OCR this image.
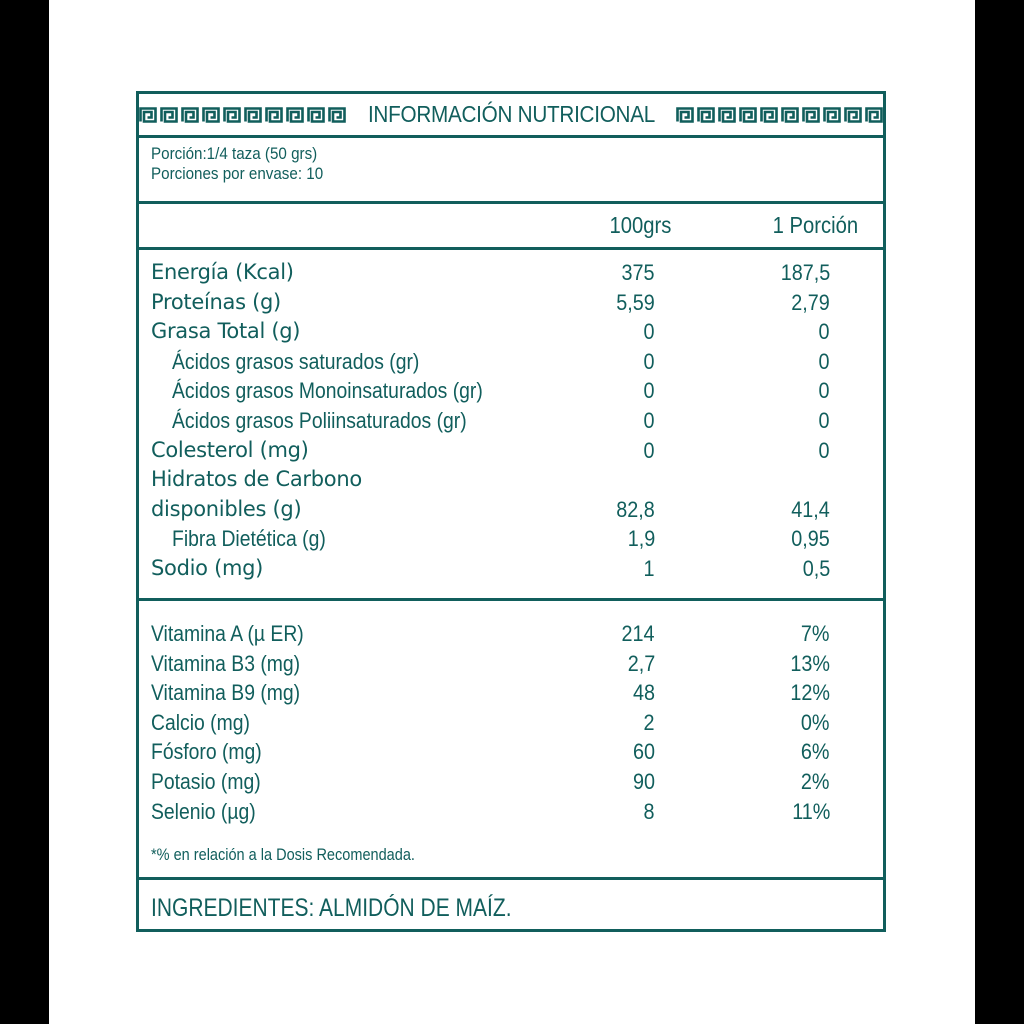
INFORMACIÓN NUTRICIONAL
Porción:1/4 taza (50 grs)
Porciones por envase: 10
100grs	1 Porción
Energía (Kcal)	375	187,5
Proteínas (g)	5,59	2,79
Grasa Total (g)	0	0
Ácidos grasos saturados (gr)	0	0
Ácidos grasos Monoinsaturados (gr)	0	0
Ácidos grasos Poliinsaturados (gr)	0	0
Colesterol (mg)	0	0
Hidratos de Carbono
disponibles (g)	82,8	41,4
Fibra Dietética (g)	1,9	0,95
Sodio (mg)	1	0,5
Vitamina A (µ ER)	214	7%
Vitamina B3 (mg)	2,7	13%
Vitamina B9 (mg)	48	12%
Calcio (mg)	2	0%
Fósforo (mg)	60	6%
Potasio (mg)	90	2%
Selenio (µg)	8	11%
*% en relación a la Dosis Recomendada.
INGREDIENTES: ALMIDÓN DE MAÍZ.
